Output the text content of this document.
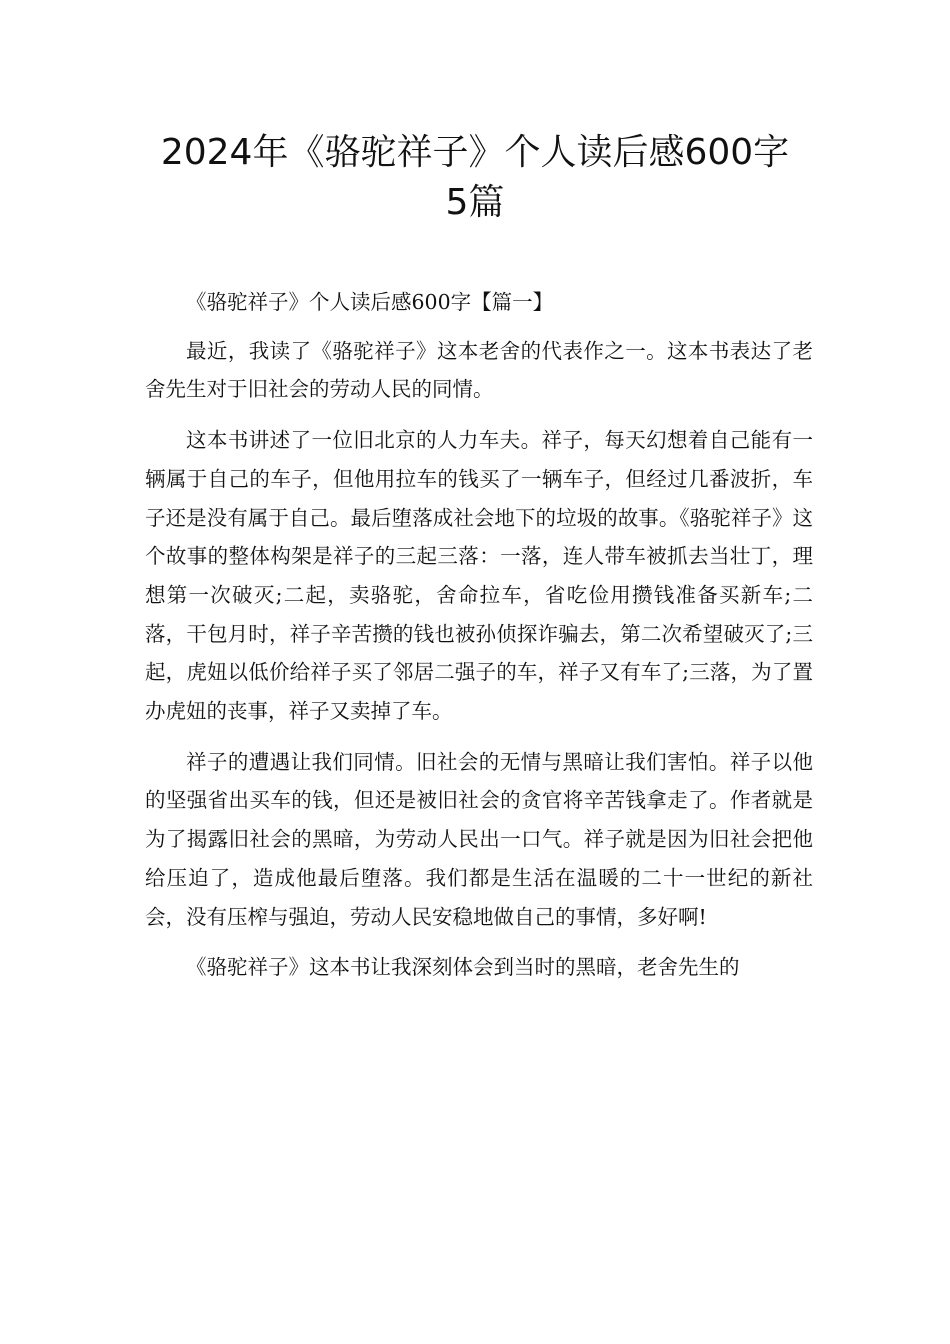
2024年《骆驼祥子》个人读后感600字
5篇

《骆驼祥子》个人读后感600字【篇一】

最近，我读了《骆驼祥子》这本老舍的代表作之一。这本书表达了老舍先生对于旧社会的劳动人民的同情。

这本书讲述了一位旧北京的人力车夫。祥子，每天幻想着自己能有一辆属于自己的车子，但他用拉车的钱买了一辆车子，但经过几番波折，车子还是没有属于自己。最后堕落成社会地下的垃圾的故事。《骆驼祥子》这个故事的整体构架是祥子的三起三落：一落，连人带车被抓去当壮丁，理想第一次破灭;二起，卖骆驼，舍命拉车，省吃俭用攒钱准备买新车;二落，干包月时，祥子辛苦攒的钱也被孙侦探诈骗去，第二次希望破灭了;三起，虎妞以低价给祥子买了邻居二强子的车，祥子又有车了;三落，为了置办虎妞的丧事，祥子又卖掉了车。

祥子的遭遇让我们同情。旧社会的无情与黑暗让我们害怕。祥子以他的坚强省出买车的钱，但还是被旧社会的贪官将辛苦钱拿走了。作者就是为了揭露旧社会的黑暗，为劳动人民出一口气。祥子就是因为旧社会把他给压迫了，造成他最后堕落。我们都是生活在温暖的二十一世纪的新社会，没有压榨与强迫，劳动人民安稳地做自己的事情，多好啊!

《骆驼祥子》这本书让我深刻体会到当时的黑暗，老舍先生的
